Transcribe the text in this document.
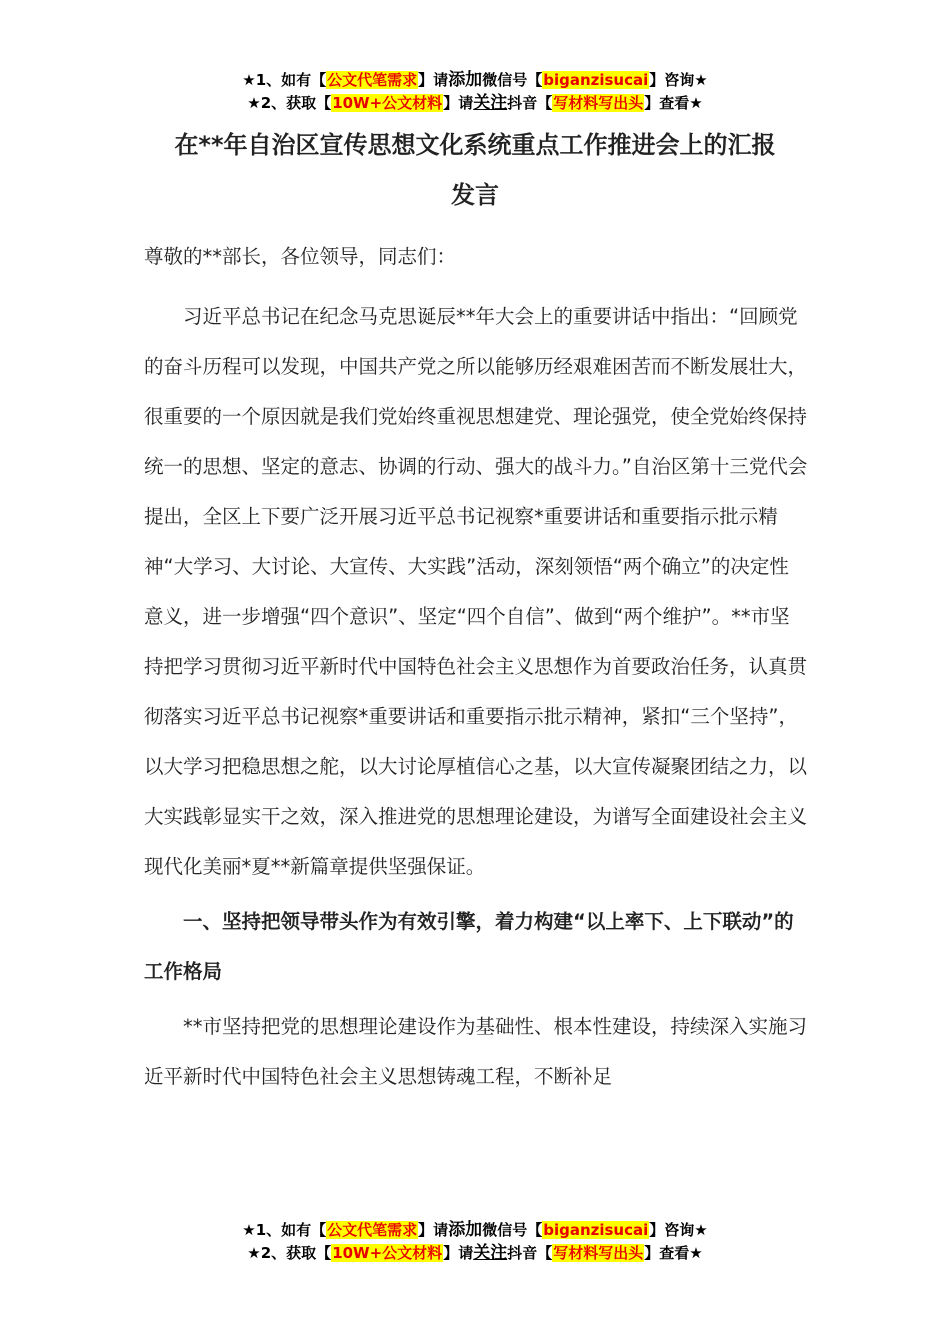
★1、如有【公文代笔需求】请添加微信号【biganzisucai】咨询★
★2、获取【10W+公文材料】请关注抖音【写材料写出头】查看★
在**年自治区宣传思想文化系统重点工作推进会上的汇报
发言

尊敬的**部长，各位领导，同志们：

习近平总书记在纪念马克思诞辰**年大会上的重要讲话中指出：“回顾党的奋斗历程可以发现，中国共产党之所以能够历经艰难困苦而不断发展壮大，很重要的一个原因就是我们党始终重视思想建党、理论强党，使全党始终保持统一的思想、坚定的意志、协调的行动、强大的战斗力。”自治区第十三党代会提出，全区上下要广泛开展习近平总书记视察*重要讲话和重要指示批示精神“大学习、大讨论、大宣传、大实践”活动，深刻领悟“两个确立”的决定性意义，进一步增强“四个意识”、坚定“四个自信”、做到“两个维护”。**市坚持把学习贯彻习近平新时代中国特色社会主义思想作为首要政治任务，认真贯彻落实习近平总书记视察*重要讲话和重要指示批示精神，紧扣“三个坚持”，以大学习把稳思想之舵，以大讨论厚植信心之基，以大宣传凝聚团结之力，以大实践彰显实干之效，深入推进党的思想理论建设，为谱写全面建设社会主义现代化美丽*夏**新篇章提供坚强保证。

一、坚持把领导带头作为有效引擎，着力构建“以上率下、上下联动”的工作格局

**市坚持把党的思想理论建设作为基础性、根本性建设，持续深入实施习近平新时代中国特色社会主义思想铸魂工程，不断补足

★1、如有【公文代笔需求】请添加微信号【biganzisucai】咨询★
★2、获取【10W+公文材料】请关注抖音【写材料写出头】查看★
